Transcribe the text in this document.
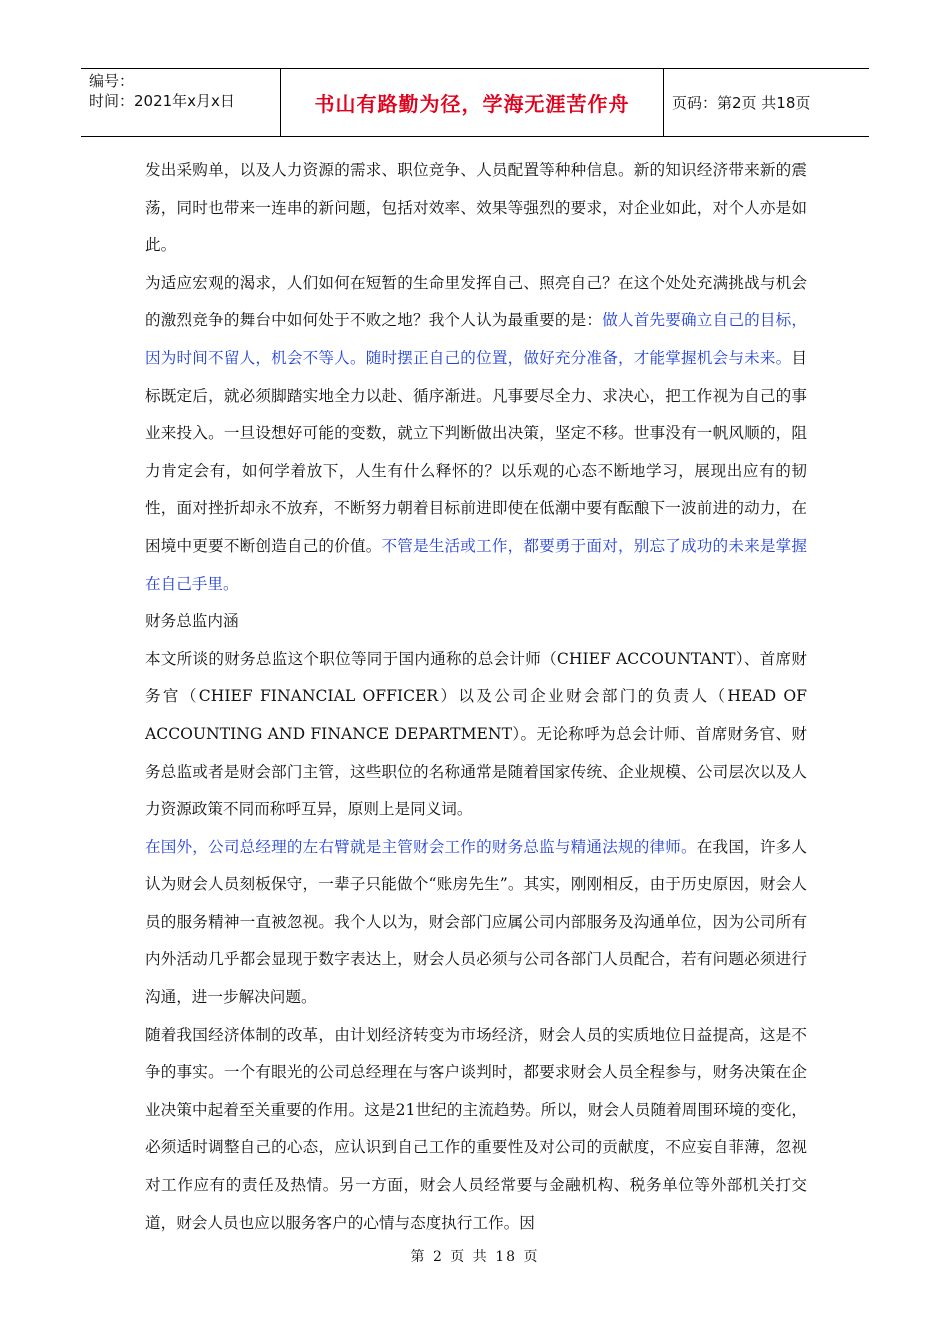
编号：
时间：2021年x月x日	书山有路勤为径，学海无涯苦作舟	页码：第2页 共18页

发出采购单，以及人力资源的需求、职位竞争、人员配置等种种信息。新的知识经济带来新的震荡，同时也带来一连串的新问题，包括对效率、效果等强烈的要求，对企业如此，对个人亦是如此。

为适应宏观的渴求，人们如何在短暂的生命里发挥自己、照亮自己？在这个处处充满挑战与机会的激烈竞争的舞台中如何处于不败之地？我个人认为最重要的是：做人首先要确立自己的目标，因为时间不留人，机会不等人。随时摆正自己的位置，做好充分准备，才能掌握机会与未来。目标既定后，就必须脚踏实地全力以赴、循序渐进。凡事要尽全力、求决心，把工作视为自己的事业来投入。一旦设想好可能的变数，就立下判断做出决策，坚定不移。世事没有一帆风顺的，阻力肯定会有，如何学着放下，人生有什么释怀的？以乐观的心态不断地学习，展现出应有的韧性，面对挫折却永不放弃，不断努力朝着目标前进即使在低潮中要有酝酿下一波前进的动力，在困境中更要不断创造自己的价值。不管是生活或工作，都要勇于面对，别忘了成功的未来是掌握在自己手里。

财务总监内涵

本文所谈的财务总监这个职位等同于国内通称的总会计师（CHIEF ACCOUNTANT）、首席财务官（CHIEF FINANCIAL OFFICER）以及公司企业财会部门的负责人（HEAD OF ACCOUNTING AND FINANCE DEPARTMENT）。无论称呼为总会计师、首席财务官、财务总监或者是财会部门主管，这些职位的名称通常是随着国家传统、企业规模、公司层次以及人力资源政策不同而称呼互异，原则上是同义词。

在国外，公司总经理的左右臂就是主管财会工作的财务总监与精通法规的律师。在我国，许多人认为财会人员刻板保守，一辈子只能做个“账房先生”。其实，刚刚相反，由于历史原因，财会人员的服务精神一直被忽视。我个人以为，财会部门应属公司内部服务及沟通单位，因为公司所有内外活动几乎都会显现于数字表达上，财会人员必须与公司各部门人员配合，若有问题必须进行沟通，进一步解决问题。

随着我国经济体制的改革，由计划经济转变为市场经济，财会人员的实质地位日益提高，这是不争的事实。一个有眼光的公司总经理在与客户谈判时，都要求财会人员全程参与，财务决策在企业决策中起着至关重要的作用。这是21世纪的主流趋势。所以，财会人员随着周围环境的变化，必须适时调整自己的心态，应认识到自己工作的重要性及对公司的贡献度，不应妄自菲薄，忽视对工作应有的责任及热情。另一方面，财会人员经常要与金融机构、税务单位等外部机关打交道，财会人员也应以服务客户的心情与态度执行工作。因

第 2 页 共 18 页
